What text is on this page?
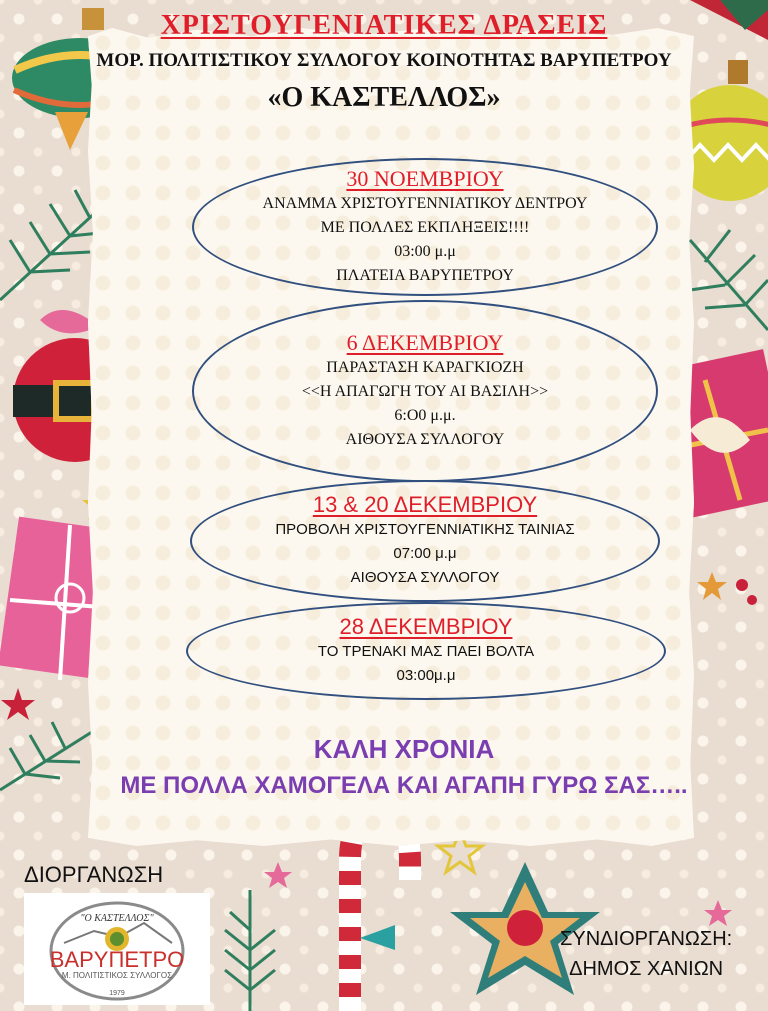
ΧΡΙΣΤΟΥΓΕΝΙΑΤΙΚΕΣ ΔΡΑΣΕΙΣ
ΜΟΡ. ΠΟΛΙΤΙΣΤΙΚΟΥ ΣΥΛΛΟΓΟΥ ΚΟΙΝΟΤΗΤΑΣ ΒΑΡΥΠΕΤΡΟΥ
«Ο ΚΑΣΤΕΛΛΟΣ»
30 ΝΟΕΜΒΡΙΟΥ
ΑΝΑΜΜΑ ΧΡΙΣΤΟΥΓΕΝΝΙΑΤΙΚΟΥ ΔΕΝΤΡΟΥ
ΜΕ ΠΟΛΛΕΣ ΕΚΠΛΗΞΕΙΣ!!!!
03:00 μ.μ
ΠΛΑΤΕΙΑ ΒΑΡΥΠΕΤΡΟΥ
6 ΔΕΚΕΜΒΡΙΟΥ
ΠΑΡΑΣΤΑΣΗ ΚΑΡΑΓΚΙΟΖΗ
<<Η ΑΠΑΓΩΓΗ ΤΟΥ ΑΙ ΒΑΣΙΛΗ>>
6:Ο0 μ.μ.
ΑΙΘΟΥΣΑ ΣΥΛΛΟΓΟΥ
13 & 20 ΔΕΚΕΜΒΡΙΟΥ
ΠΡΟΒΟΛΗ ΧΡΙΣΤΟΥΓΕΝΝΙΑΤΙΚΗΣ ΤΑΙΝΙΑΣ
07:00 μ.μ
ΑΙΘΟΥΣΑ ΣΥΛΛΟΓΟΥ
28 ΔΕΚΕΜΒΡΙΟΥ
ΤΟ ΤΡΕΝΑΚΙ ΜΑΣ ΠΑΕΙ ΒΟΛΤΑ
03:00μ.μ
ΚΑΛΗ ΧΡΟΝΙΑ
ΜΕ ΠΟΛΛΑ ΧΑΜΟΓΕΛΑ ΚΑΙ ΑΓΑΠΗ ΓΥΡΩ ΣΑΣ…..
ΔΙΟΡΓΑΝΩΣΗ
"Ο ΚΑΣΤΕΛΛΟΣ"
ΒΑΡΥΠΕΤΡΟ
Μ. ΠΟΛΙΤΙΣΤΙΚΟΣ ΣΥΛΛΟΓΟΣ
1979
ΣΥΝΔΙΟΡΓΑΝΩΣΗ:
ΔΗΜΟΣ ΧΑΝΙΩΝ
